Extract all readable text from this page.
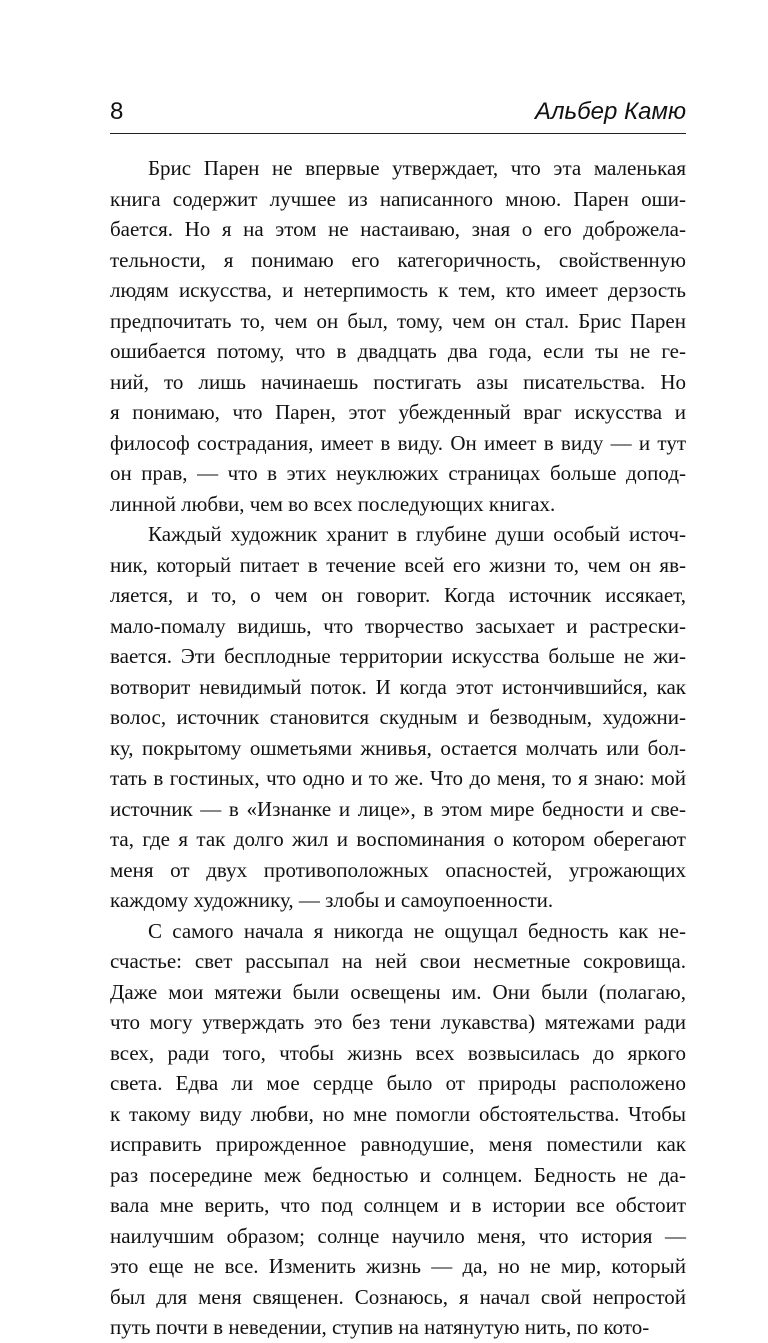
8	Альбер Камю
Брис Парен не впервые утверждает, что эта маленькая
книга содержит лучшее из написанного мною. Парен оши-
бается. Но я на этом не настаиваю, зная о его доброжела-
тельности, я понимаю его категоричность, свойственную
людям искусства, и нетерпимость к тем, кто имеет дерзость
предпочитать то, чем он был, тому, чем он стал. Брис Парен
ошибается потому, что в двадцать два года, если ты не ге-
ний, то лишь начинаешь постигать азы писательства. Но
я понимаю, что Парен, этот убежденный враг искусства и
философ сострадания, имеет в виду. Он имеет в виду — и тут
он прав, — что в этих неуклюжих страницах больше допод-
линной любви, чем во всех последующих книгах.
Каждый художник хранит в глубине души особый источ-
ник, который питает в течение всей его жизни то, чем он яв-
ляется, и то, о чем он говорит. Когда источник иссякает,
мало-помалу видишь, что творчество засыхает и растрески-
вается. Эти бесплодные территории искусства больше не жи-
вотворит невидимый поток. И когда этот истончившийся, как
волос, источник становится скудным и безводным, художни-
ку, покрытому ошметьями жнивья, остается молчать или бол-
тать в гостиных, что одно и то же. Что до меня, то я знаю: мой
источник — в «Изнанке и лице», в этом мире бедности и све-
та, где я так долго жил и воспоминания о котором оберегают
меня от двух противоположных опасностей, угрожающих
каждому художнику, — злобы и самоупоенности.
С самого начала я никогда не ощущал бедность как не-
счастье: свет рассыпал на ней свои несметные сокровища.
Даже мои мятежи были освещены им. Они были (полагаю,
что могу утверждать это без тени лукавства) мятежами ради
всех, ради того, чтобы жизнь всех возвысилась до яркого
света. Едва ли мое сердце было от природы расположено
к такому виду любви, но мне помогли обстоятельства. Чтобы
исправить прирожденное равнодушие, меня поместили как
раз посередине меж бедностью и солнцем. Бедность не да-
вала мне верить, что под солнцем и в истории все обстоит
наилучшим образом; солнце научило меня, что история —
это еще не все. Изменить жизнь — да, но не мир, который
был для меня священен. Сознаюсь, я начал свой непростой
путь почти в неведении, ступив на натянутую нить, по кото-
